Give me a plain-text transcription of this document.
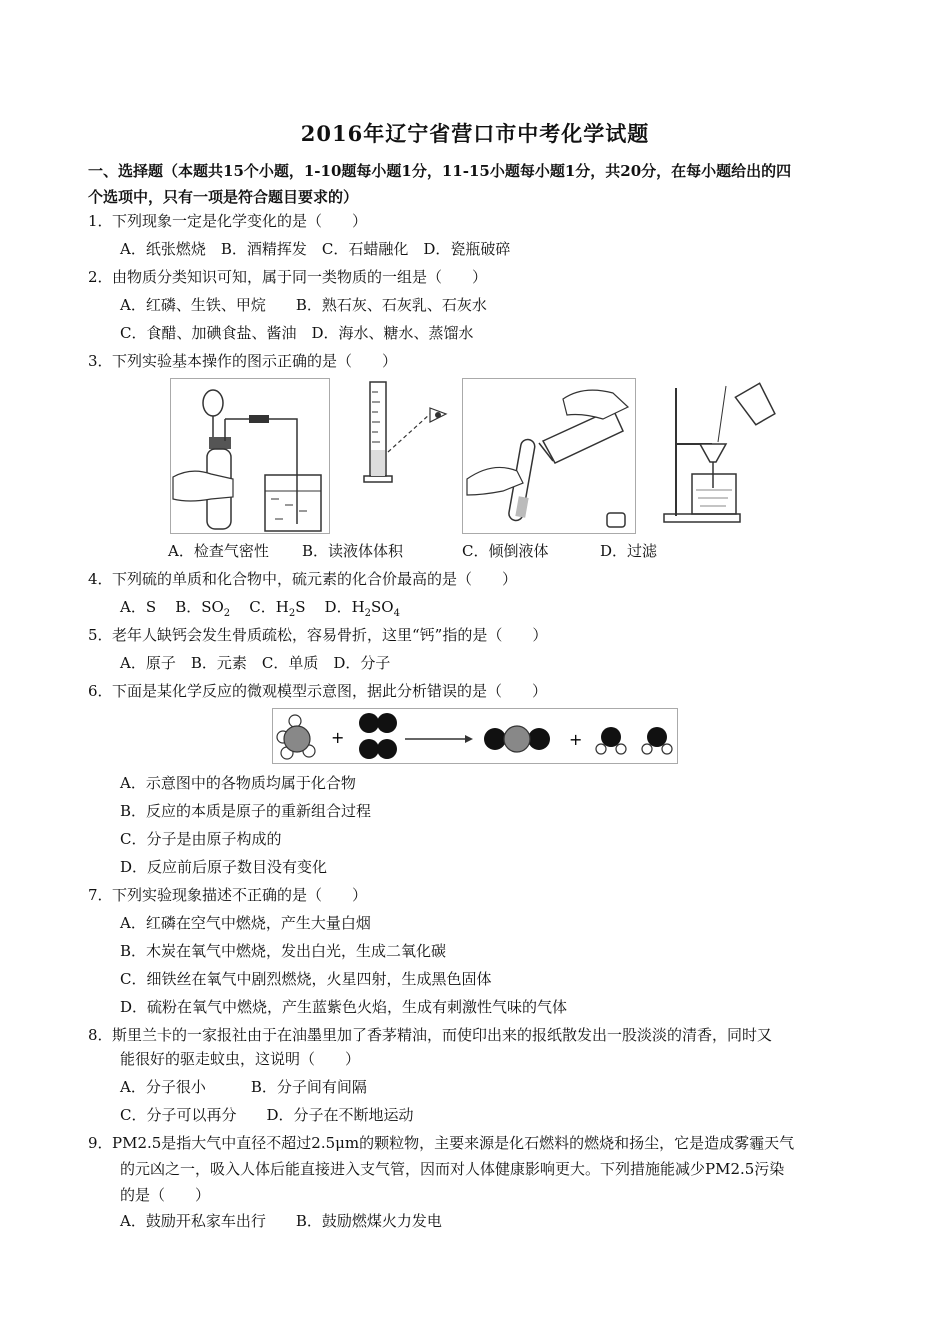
2016年辽宁省营口市中考化学试题
一、选择题（本题共15个小题，1-10题每小题1分，11-15小题每小题1分，共20分，在每小题给出的四
个选项中，只有一项是符合题目要求的）
1．下列现象一定是化学变化的是（　　）
A．纸张燃烧　B．酒精挥发　C．石蜡融化　D．瓷瓶破碎
2．由物质分类知识可知，属于同一类物质的一组是（　　）
A．红磷、生铁、甲烷　　B．熟石灰、石灰乳、石灰水
C．食醋、加碘食盐、酱油　D．海水、糖水、蒸馏水
3．下列实验基本操作的图示正确的是（　　）
A．检查气密性 B．读液体体积	C．倾倒液体	D．过滤
4．下列硫的单质和化合物中，硫元素的化合价最高的是（　　）
A．S B．$SO_2$ C．$H_2S$ D．$H_2SO_4$
5．老年人缺钙会发生骨质疏松，容易骨折，这里“钙”指的是（　　）
A．原子　B．元素　C．单质　D．分子
6．下面是某化学反应的微观模型示意图，据此分析错误的是（　　）
+	+
A．示意图中的各物质均属于化合物
B．反应的本质是原子的重新组合过程
C．分子是由原子构成的
D．反应前后原子数目没有变化
7．下列实验现象描述不正确的是（　　）
A．红磷在空气中燃烧，产生大量白烟
B．木炭在氧气中燃烧，发出白光，生成二氧化碳
C．细铁丝在氧气中剧烈燃烧，火星四射，生成黑色固体
D．硫粉在氧气中燃烧，产生蓝紫色火焰，生成有刺激性气味的气体
8．斯里兰卡的一家报社由于在油墨里加了香茅精油，而使印出来的报纸散发出一股淡淡的清香，同时又
能很好的驱走蚊虫，这说明（　　）
A．分子很小　　　B．分子间有间隔
C．分子可以再分　　D．分子在不断地运动
9．PM2.5是指大气中直径不超过2.5μm的颗粒物，主要来源是化石燃料的燃烧和扬尘，它是造成雾霾天气
的元凶之一，吸入人体后能直接进入支气管，因而对人体健康影响更大。下列措施能减少PM2.5污染
的是（　　）
A．鼓励开私家车出行　　B．鼓励燃煤火力发电
